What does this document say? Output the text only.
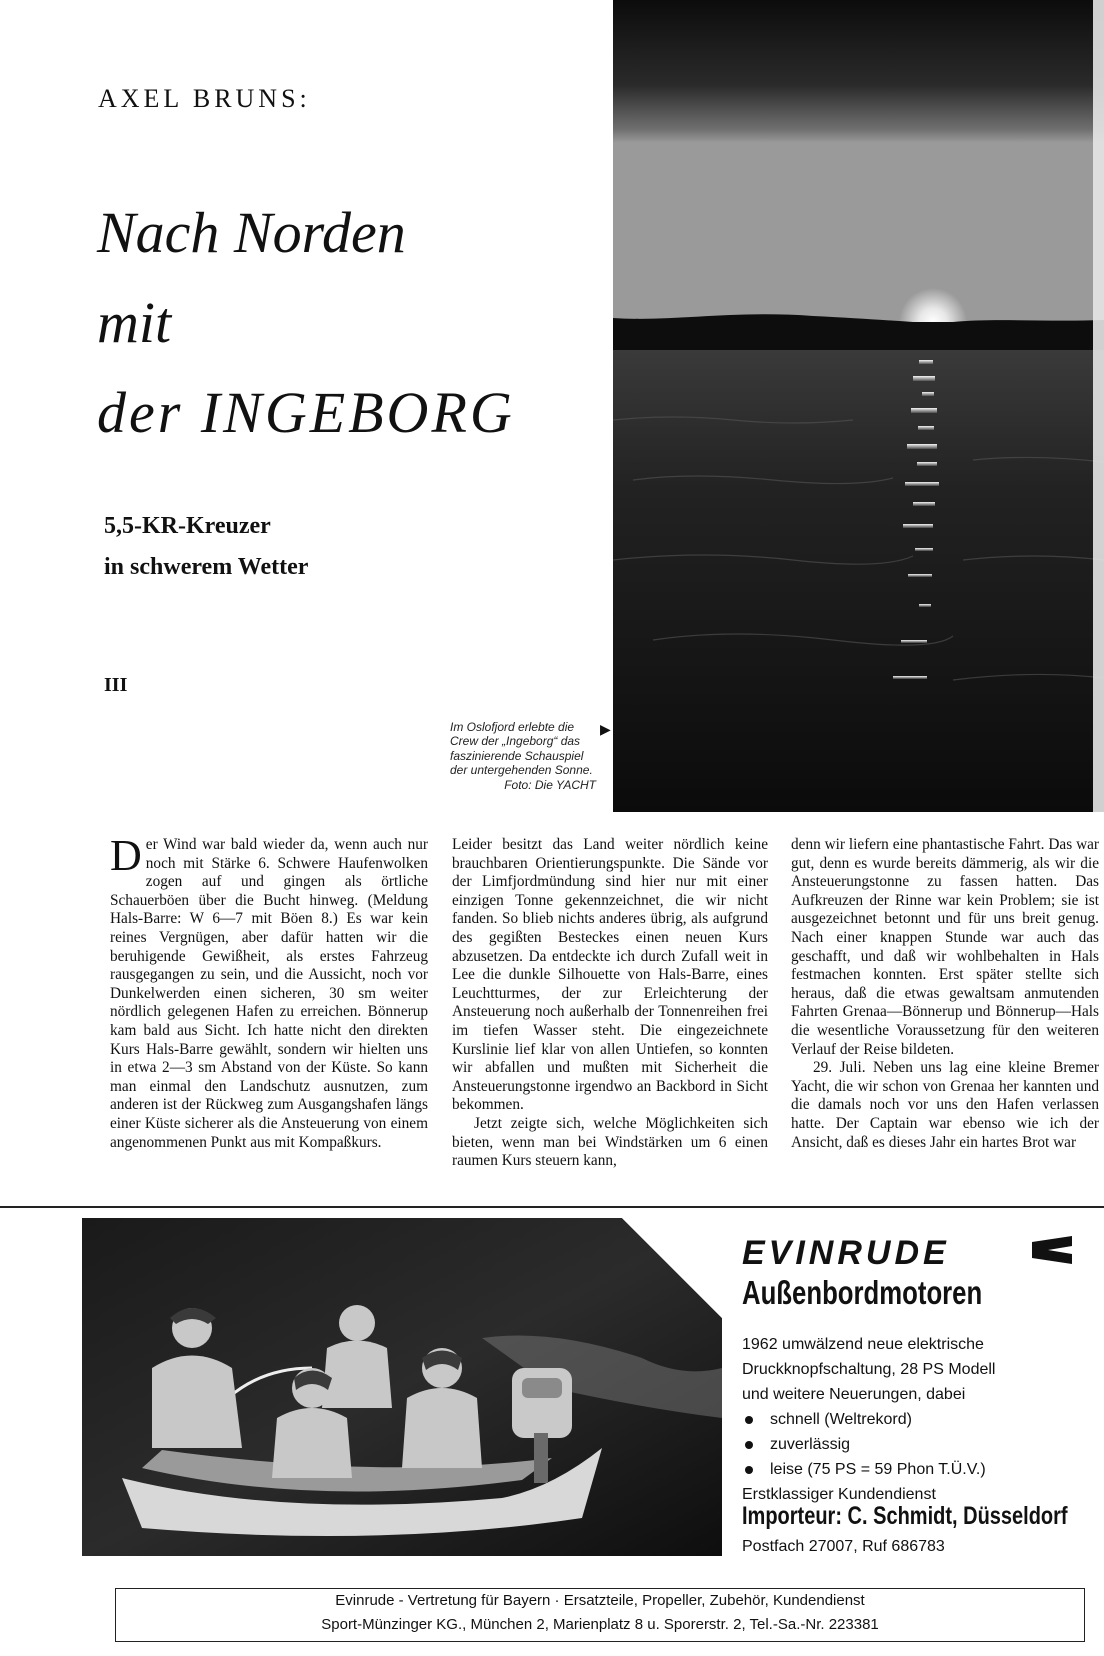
AXEL BRUNS:
Nach Norden
mit
der INGEBORG
5,5-KR-Kreuzer
in schwerem Wetter
III
Im Oslofjord erlebte die Crew der „Ingeborg“ das faszinierende Schauspiel der untergehenden Sonne.
Foto: Die YACHT
▶

Der Wind war bald wieder da, wenn auch nur noch mit Stärke 6. Schwere Haufenwolken zogen auf und gingen als örtliche Schauerböen über die Bucht hinweg. (Meldung Hals-Barre: W 6—7 mit Böen 8.) Es war kein reines Vergnügen, aber dafür hatten wir die beruhigende Gewißheit, als erstes Fahrzeug rausgegangen zu sein, und die Aussicht, noch vor Dunkelwerden einen sicheren, 30 sm weiter nördlich gelegenen Hafen zu erreichen. Bönnerup kam bald aus Sicht. Ich hatte nicht den direkten Kurs Hals-Barre gewählt, sondern wir hielten uns in etwa 2—3 sm Abstand von der Küste. So kann man einmal den Landschutz ausnutzen, zum anderen ist der Rückweg zum Ausgangshafen längs einer Küste sicherer als die Ansteuerung von einem angenommenen Punkt aus mit Kompaßkurs.

Leider besitzt das Land weiter nördlich keine brauchbaren Orientierungspunkte. Die Sände vor der Limfjordmündung sind hier nur mit einer einzigen Tonne gekennzeichnet, die wir nicht fanden. So blieb nichts anderes übrig, als aufgrund des gegißten Besteckes einen neuen Kurs abzusetzen. Da entdeckte ich durch Zufall weit in Lee die dunkle Silhouette von Hals-Barre, eines Leuchtturmes, der zur Erleichterung der Ansteuerung noch außerhalb der Tonnenreihen frei im tiefen Wasser steht. Die eingezeichnete Kurslinie lief klar von allen Untiefen, so konnten wir abfallen und mußten mit Sicherheit die Ansteuerungstonne irgendwo an Backbord in Sicht bekommen.

Jetzt zeigte sich, welche Möglichkeiten sich bieten, wenn man bei Windstärken um 6 einen raumen Kurs steuern kann,

denn wir liefern eine phantastische Fahrt. Das war gut, denn es wurde bereits dämmerig, als wir die Ansteuerungstonne zu fassen hatten. Das Aufkreuzen der Rinne war kein Problem; sie ist ausgezeichnet betonnt und für uns breit genug. Nach einer knappen Stunde war auch das geschafft, und daß wir wohlbehalten in Hals festmachen konnten. Erst später stellte sich heraus, daß die etwas gewaltsam anmutenden Fahrten Grenaa—Bönnerup und Bönnerup—Hals die wesentliche Voraussetzung für den weiteren Verlauf der Reise bildeten.

29. Juli. Neben uns lag eine kleine Bremer Yacht, die wir schon von Grenaa her kannten und die damals noch vor uns den Hafen verlassen hatte. Der Captain war ebenso wie ich der Ansicht, daß es dieses Jahr ein hartes Brot war

EVINRUDE
Außenbordmotoren
1962 umwälzend neue elektrische
Druckknopfschaltung, 28 PS Modell
und weitere Neuerungen, dabei
schnell (Weltrekord)
zuverlässig
leise (75 PS = 59 Phon T.Ü.V.)
Erstklassiger Kundendienst
Importeur: C. Schmidt, Düsseldorf
Postfach 27007, Ruf 686783
Evinrude - Vertretung für Bayern · Ersatzteile, Propeller, Zubehör, Kundendienst
Sport-Münzinger KG., München 2, Marienplatz 8 u. Sporerstr. 2, Tel.-Sa.-Nr. 223381
